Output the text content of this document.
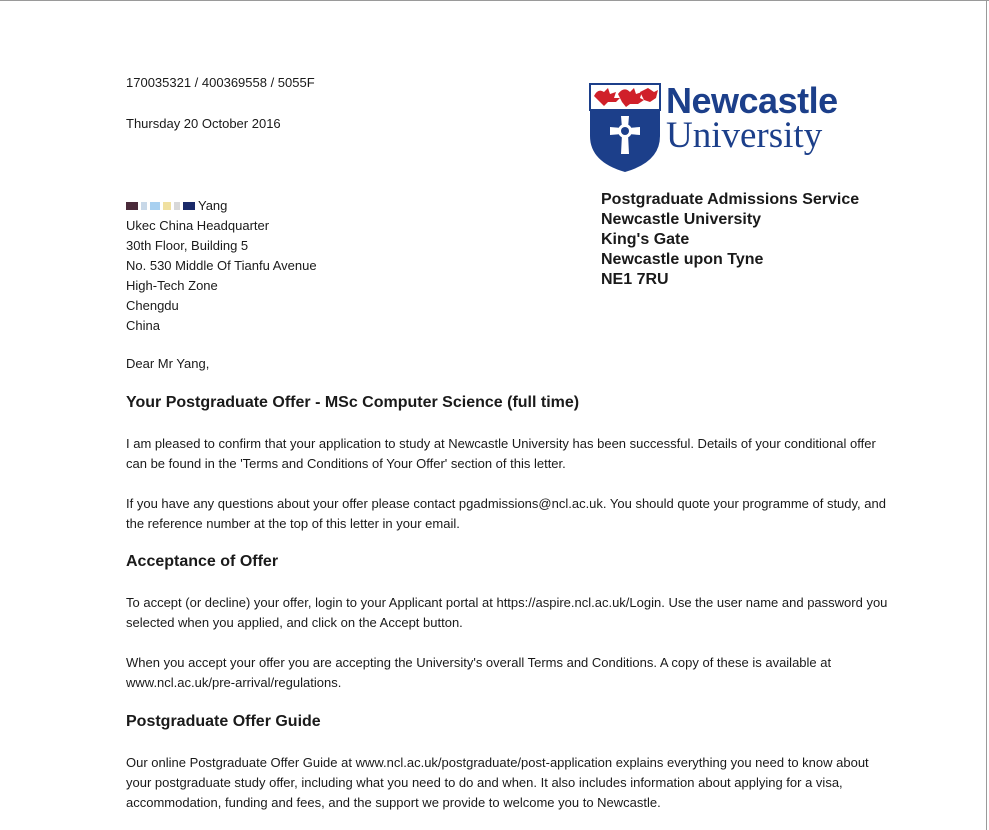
170035321 / 400369558 / 5055F
Thursday 20 October 2016
Newcastle
University
Postgraduate Admissions Service
Newcastle University
King's Gate
Newcastle upon Tyne
NE1 7RU
Yang
Ukec China Headquarter
30th Floor, Building 5
No. 530 Middle Of Tianfu Avenue
High-Tech Zone
Chengdu
China
Dear Mr Yang,
Your Postgraduate Offer - MSc Computer Science (full time)
I am pleased to confirm that your application to study at Newcastle University has been successful. Details of your conditional offer can be found in the 'Terms and Conditions of Your Offer' section of this letter.
If you have any questions about your offer please contact pgadmissions@ncl.ac.uk. You should quote your programme of study, and the reference number at the top of this letter in your email.
Acceptance of Offer
To accept (or decline) your offer, login to your Applicant portal at https://aspire.ncl.ac.uk/Login. Use the user name and password you selected when you applied, and click on the Accept button.
When you accept your offer you are accepting the University's overall Terms and Conditions. A copy of these is available at www.ncl.ac.uk/pre-arrival/regulations.
Postgraduate Offer Guide
Our online Postgraduate Offer Guide at www.ncl.ac.uk/postgraduate/post-application explains everything you need to know about your postgraduate study offer, including what you need to do and when. It also includes information about applying for a visa, accommodation, funding and fees, and the support we provide to welcome you to Newcastle.
